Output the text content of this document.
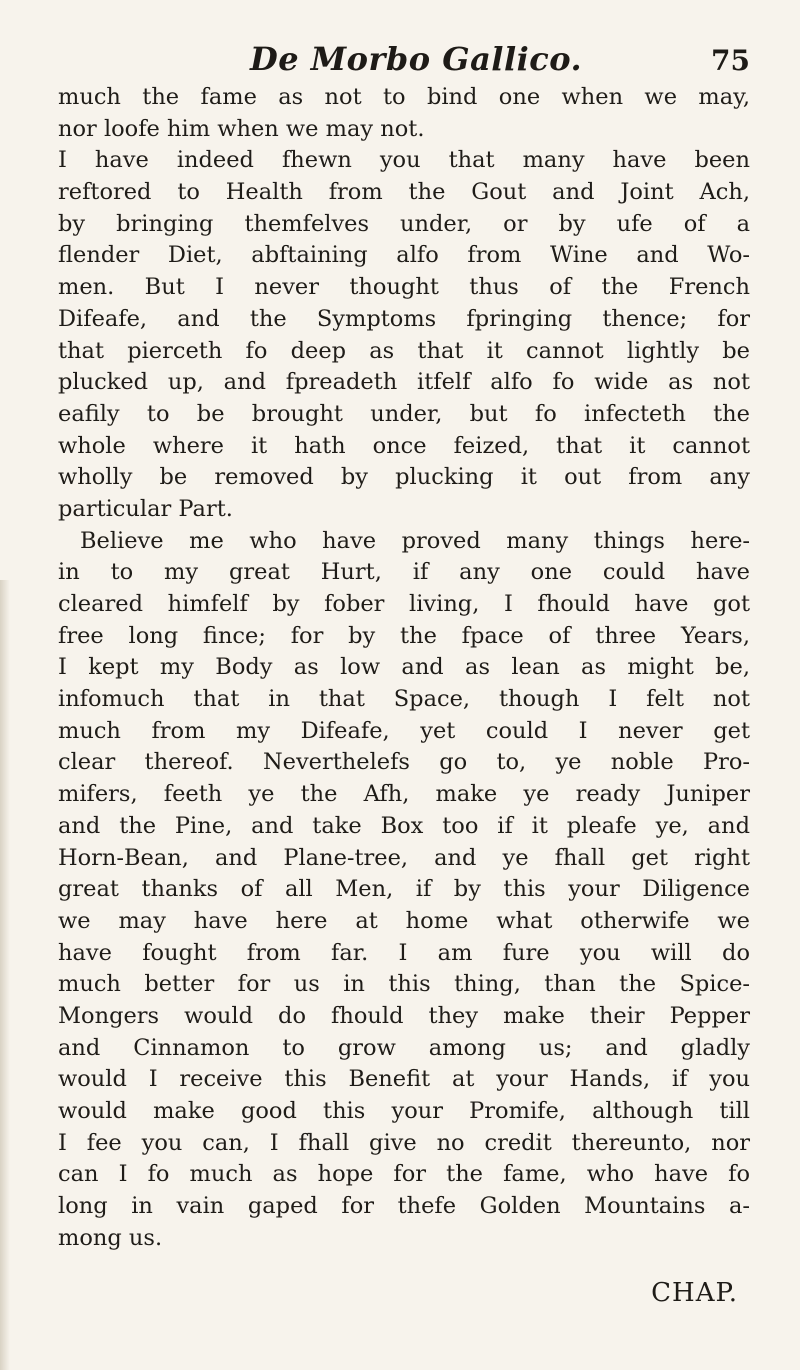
De Morbo Gallico.	75
much the fame as not to bind one when we may,
nor loofe him when we may not.
I have indeed fhewn you that many have been
reftored to Health from the Gout and Joint Ach,
by bringing themfelves under, or by ufe of a
flender Diet, abftaining alfo from Wine and Wo-
men. But I never thought thus of the French
Difeafe, and the Symptoms fpringing thence; for
that pierceth fo deep as that it cannot lightly be
plucked up, and fpreadeth itfelf alfo fo wide as not
eafily to be brought under, but fo infecteth the
whole where it hath once feized, that it cannot
wholly be removed by plucking it out from any
particular Part.
Believe me who have proved many things here-
in to my great Hurt, if any one could have
cleared himfelf by fober living, I fhould have got
free long fince; for by the fpace of three Years,
I kept my Body as low and as lean as might be,
infomuch that in that Space, though I felt not
much from my Difeafe, yet could I never get
clear thereof. Neverthelefs go to, ye noble Pro-
mifers, feeth ye the Afh, make ye ready Juniper
and the Pine, and take Box too if it pleafe ye, and
Horn-Bean, and Plane-tree, and ye fhall get right
great thanks of all Men, if by this your Diligence
we may have here at home what otherwife we
have fought from far. I am fure you will do
much better for us in this thing, than the Spice-
Mongers would do fhould they make their Pepper
and Cinnamon to grow among us; and gladly
would I receive this Benefit at your Hands, if you
would make good this your Promife, although till
I fee you can, I fhall give no credit thereunto, nor
can I fo much as hope for the fame, who have fo
long in vain gaped for thefe Golden Mountains a-
mong us.
CHAP.
